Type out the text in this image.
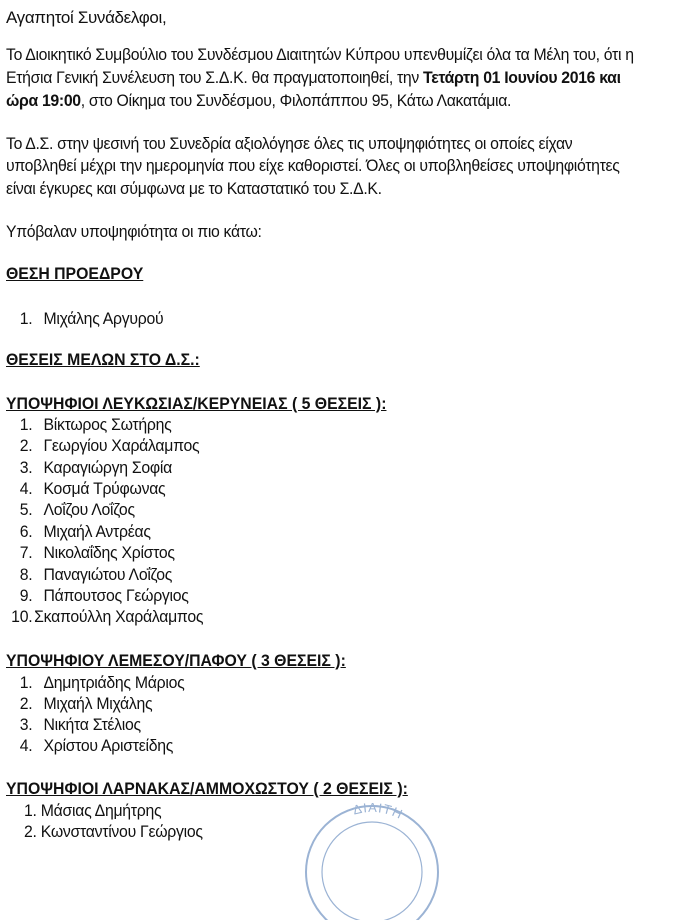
Αγαπητοί Συνάδελφοι,
Το Διοικητικό Συμβούλιο του Συνδέσμου Διαιτητών Κύπρου υπενθυμίζει όλα τα Μέλη του, ότι η
Ετήσια Γενική Συνέλευση του Σ.Δ.Κ. θα πραγματοποιηθεί, την Τετάρτη 01 Ιουνίου 2016 και
ώρα 19:00, στο Οίκημα του Συνδέσμου, Φιλοπάππου 95, Κάτω Λακατάμια.
Το Δ.Σ. στην ψεσινή του Συνεδρία αξιολόγησε όλες τις υποψηφιότητες οι οποίες είχαν
υποβληθεί μέχρι την ημερομηνία που είχε καθοριστεί. Όλες οι υποβληθείσες υποψηφιότητες
είναι έγκυρες και σύμφωνα με το Καταστατικό του Σ.Δ.Κ.
Υπόβαλαν υποψηφιότητα οι πιο κάτω:
ΘΕΣΗ ΠΡΟΕΔΡΟΥ
1. Μιχάλης Αργυρού
ΘΕΣΕΙΣ ΜΕΛΩΝ ΣΤΟ Δ.Σ.:
ΥΠΟΨΗΦΙΟΙ ΛΕΥΚΩΣΙΑΣ/ΚΕΡΥΝΕΙΑΣ ( 5 ΘΕΣΕΙΣ ):
1. Βίκτωρος Σωτήρης
2. Γεωργίου Χαράλαμπος
3. Καραγιώργη Σοφία
4. Κοσμά Τρύφωνας
5. Λοΐζου Λοΐζος
6. Μιχαήλ Αντρέας
7. Νικολαΐδης Χρίστος
8. Παναγιώτου Λοΐζος
9. Πάπουτσος Γεώργιος
10. Σκαπούλλη Χαράλαμπος
ΥΠΟΨΗΦΙΟΥ ΛΕΜΕΣΟΥ/ΠΑΦΟΥ ( 3 ΘΕΣΕΙΣ ):
1. Δημητριάδης Μάριος
2. Μιχαήλ Μιχάλης
3. Νικήτα Στέλιος
4. Χρίστου Αριστείδης
ΥΠΟΨΗΦΙΟΙ ΛΑΡΝΑΚΑΣ/ΑΜΜΟΧΩΣΤΟΥ ( 2 ΘΕΣΕΙΣ ):
1. Μάσιας Δημήτρης
2. Κωνσταντίνου Γεώργιος
ΔΙΑΙΤΗ
